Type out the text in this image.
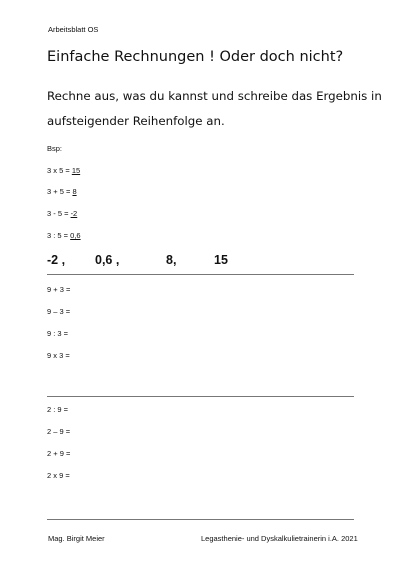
Arbeitsblatt OS
Einfache Rechnungen ! Oder doch nicht?
Rechne aus, was du kannst und schreibe das Ergebnis in
aufsteigender Reihenfolge an.
Bsp:
3 x 5 = 15
3 + 5 = 8
3 - 5 = -2
3 : 5 = 0,6
-2 , 0,6 ,	8,	15
9 + 3 =
9 – 3 =
9 : 3 =
9 x 3 =
2 : 9 =
2 – 9 =
2 + 9 =
2 x 9 =
Mag. Birgit Meier	Legasthenie- und Dyskalkulietrainerin i.A. 2021
